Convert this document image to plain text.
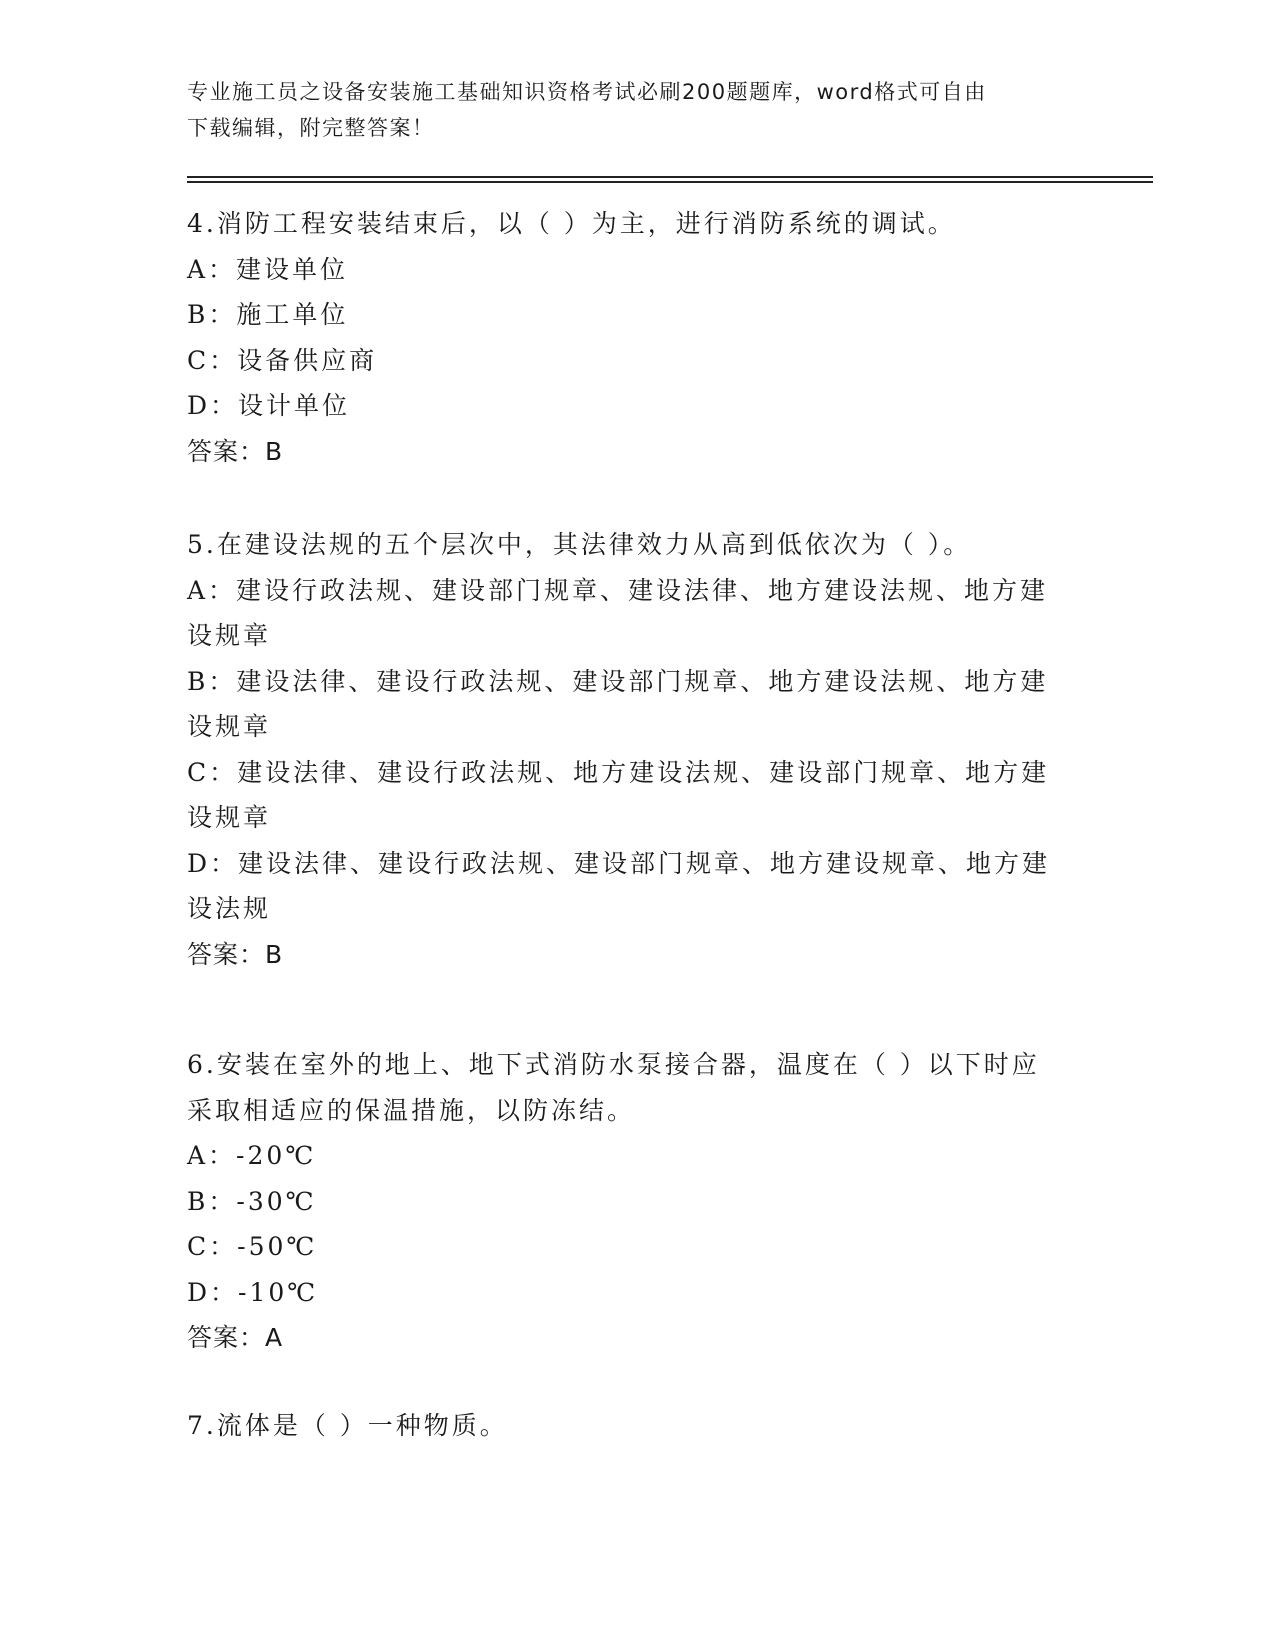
专业施工员之设备安装施工基础知识资格考试必刷200题题库，word格式可自由
下载编辑，附完整答案！
4.消防工程安装结束后，以（ ）为主，进行消防系统的调试。
A：建设单位
B：施工单位
C：设备供应商
D：设计单位
答案：B
5.在建设法规的五个层次中，其法律效力从高到低依次为（ ）。
A：建设行政法规、建设部门规章、建设法律、地方建设法规、地方建
设规章
B：建设法律、建设行政法规、建设部门规章、地方建设法规、地方建
设规章
C：建设法律、建设行政法规、地方建设法规、建设部门规章、地方建
设规章
D：建设法律、建设行政法规、建设部门规章、地方建设规章、地方建
设法规
答案：B
6.安装在室外的地上、地下式消防水泵接合器，温度在（ ）以下时应
采取相适应的保温措施，以防冻结。
A：-20℃
B：-30℃
C：-50℃
D：-10℃
答案：A
7.流体是（ ）一种物质。
